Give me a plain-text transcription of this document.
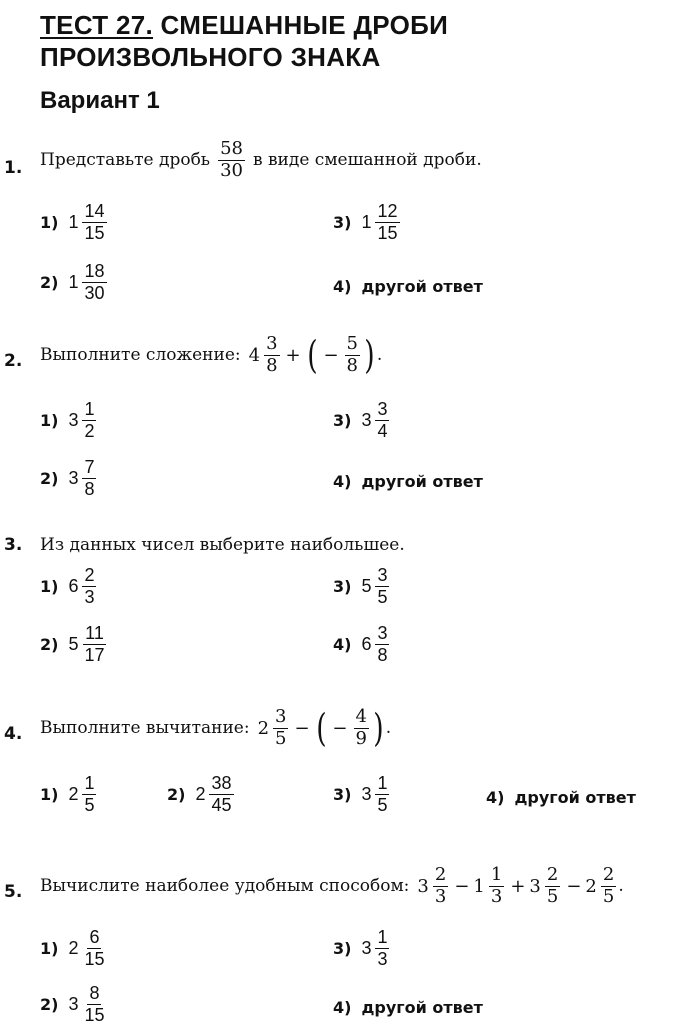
ТЕСТ 27. СМЕШАННЫЕ ДРОБИ
ПРОИЗВОЛЬНОГО ЗНАКА
Вариант 1
1. Представьте дробь $\frac{58}{30}$ в виде смешанной дроби.
1) $1 \frac{14}{15}$	3) $1 \frac{12}{15}$
2) $1 \frac{18}{30}$	4) другой ответ
2. Выполните сложение: $4 \frac{3}{8}$ + ( − $\frac{5}{8}$ ) .
1) $3 \frac{1}{2}$	3) $3 \frac{3}{4}$
2) $3 \frac{7}{8}$	4) другой ответ
3. Из данных чисел выберите наибольшее.
1) $6 \frac{2}{3}$	3) $5 \frac{3}{5}$
2) $5 \frac{11}{17}$	4) $6 \frac{3}{8}$
4. Выполните вычитание: $2 \frac{3}{5}$ − ( − $\frac{4}{9}$ ) .
1) $2 \frac{1}{5}$	2) $2 \frac{38}{45}$	3) $3 \frac{1}{5}$	4) другой ответ
5. Вычислите наиболее удобным способом: $3 \frac{2}{3} - 1 \frac{1}{3} + 3 \frac{2}{5} - 2 \frac{2}{5}$ .
1) $2 \frac{6}{15}$	3) $3 \frac{1}{3}$
2) $3 \frac{8}{15}$	4) другой ответ
